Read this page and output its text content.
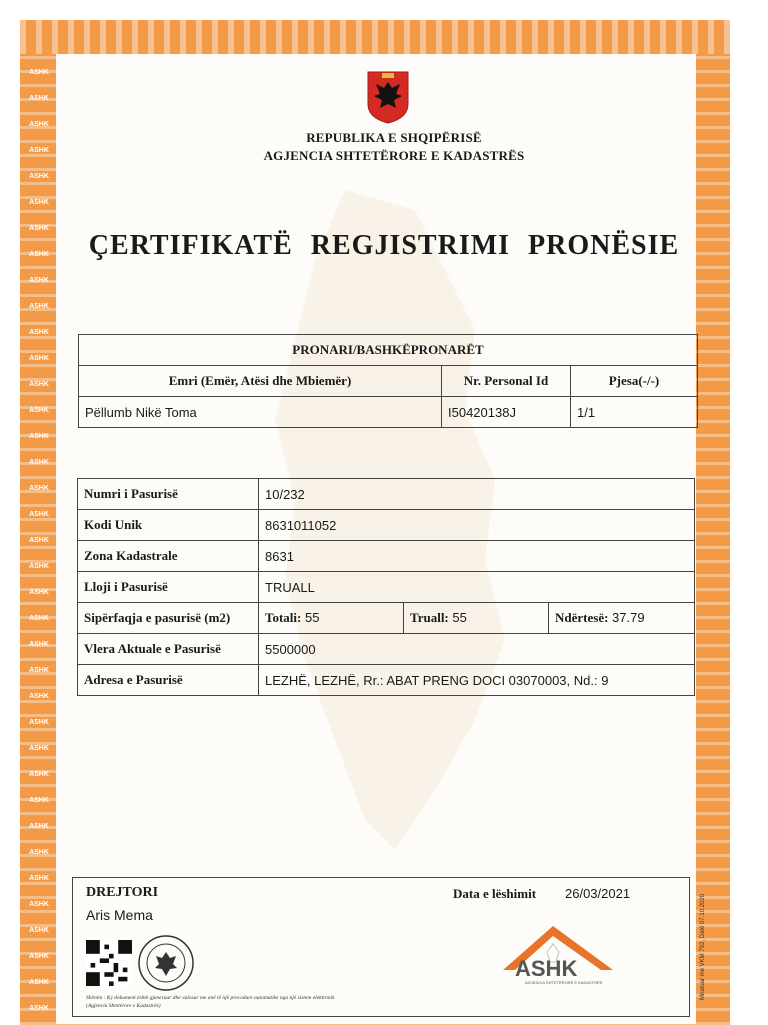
ASHK
ASHK
ASHK
ASHK
ASHK
ASHK
ASHK
ASHK
ASHK
ASHK
ASHK
ASHK
ASHK
ASHK
ASHK
ASHK
ASHK
ASHK
ASHK
ASHK
ASHK
ASHK
ASHK
ASHK
ASHK
ASHK
ASHK
ASHK
ASHK
ASHK
ASHK
ASHK
ASHK
ASHK
ASHK
ASHK
ASHK
ASHK
ASHK
ASHK
ASHK
ASHK
ASHK
ASHK
ASHK
ASHK
ASHK
ASHK
ASHK
ASHK
ASHK
ASHK
ASHK
ASHK
ASHK
ASHK
ASHK
ASHK
ASHK
ASHK
ASHK
ASHK
ASHK
ASHK
ASHK
ASHK
ASHK
ASHK
ASHK
ASHK
ASHK
ASHK
ASHK
ASHK
REPUBLIKA E SHQIPËRISË
AGJENCIA SHTETËRORE E KADASTRËS
ÇERTIFIKATË REGJISTRIMI PRONËSIE
PRONARI/BASHKËPRONARËT		
Emri (Emër, Atësi dhe Mbiemër)	Nr. Personal Id	Pjesa(-/-)
Pëllumb Nikë Toma	I50420138J	1/1
Numri i Pasurisë	10/232		
Kodi Unik	8631011052		
Zona Kadastrale	8631		
Lloji i Pasurisë	TRUALL		
Sipërfaqja e pasurisë (m2)	Totali: 55	Truall: 55	Ndërtesë: 37.79
Vlera Aktuale e Pasurisë	5500000		
Adresa e Pasurisë	LEZHË, LEZHË, Rr.: ABAT PRENG DOCI 03070003, Nd.: 9		
DREJTORI
Aris Mema
Data e lëshimit 26/03/2021
Shënim : Ky dokument është gjeneruar dhe vulosur me anë të një procedure automatike nga një sistem elektronik (Agjencia Shtetërore e Kadastrës)
ASHK
AGJENCIA SHTETËRORE E KADASTRËS	Miratuar me VKM 792, Datë 07.10.2020
